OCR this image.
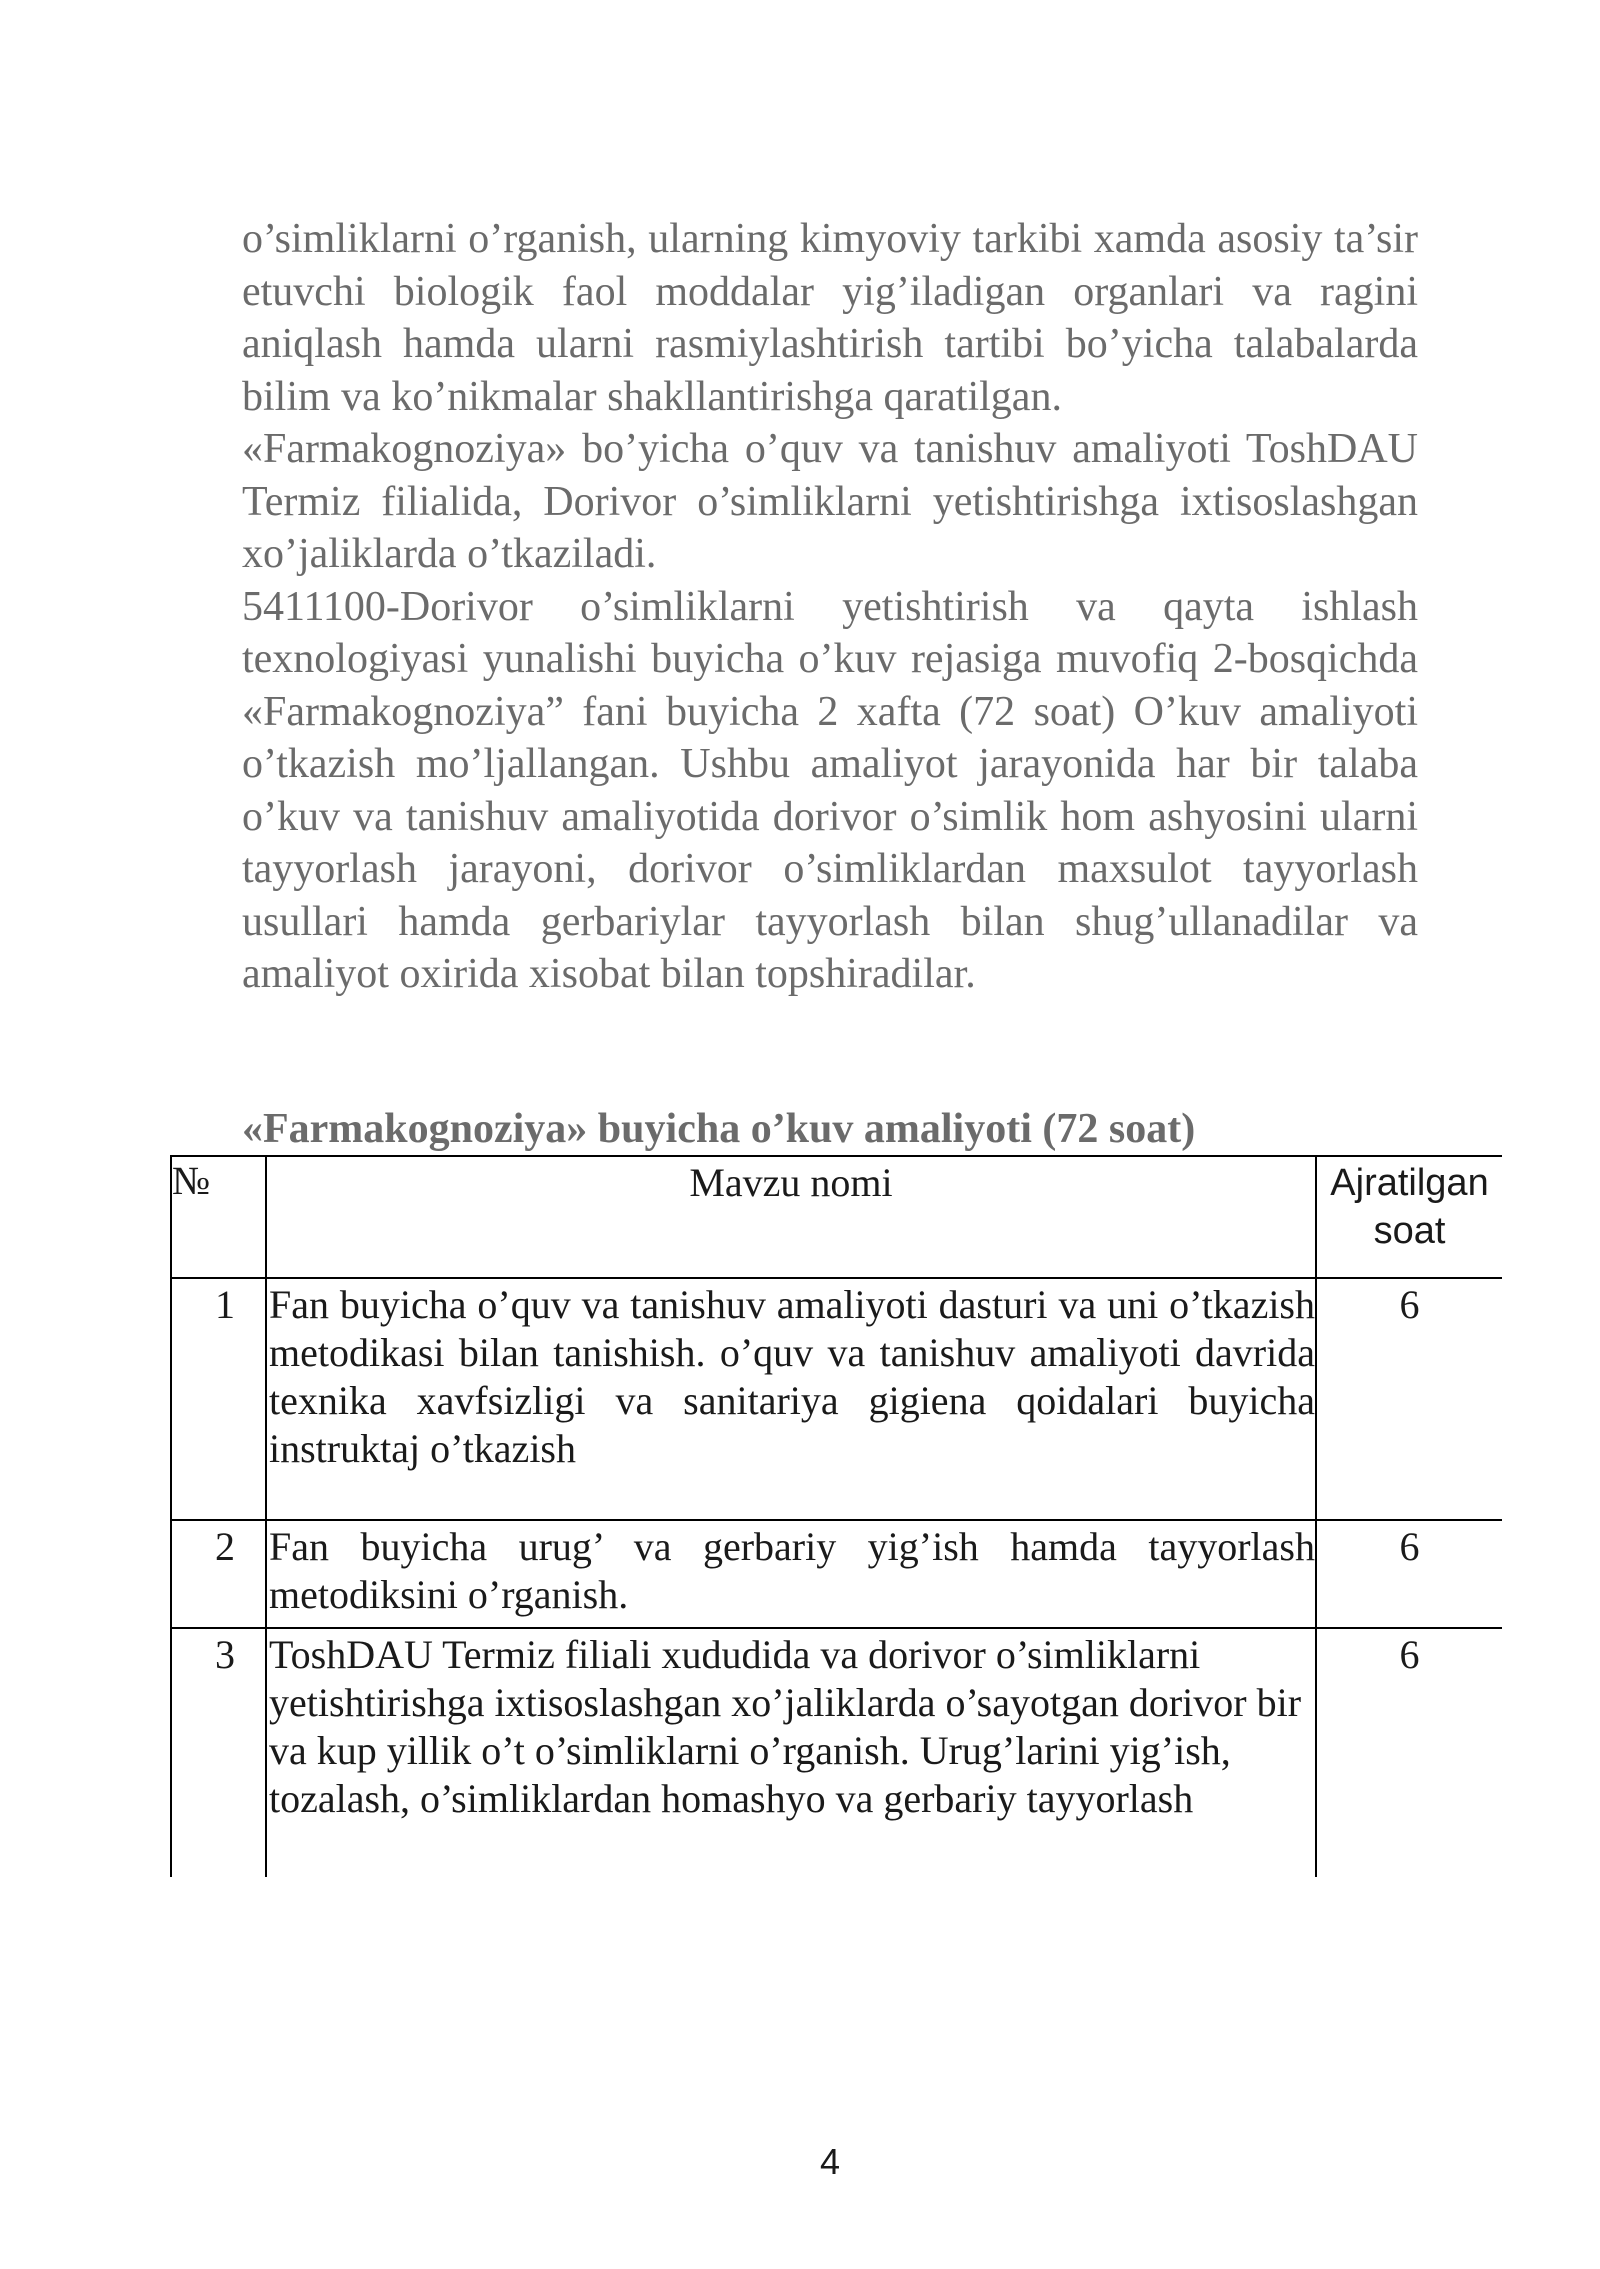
o’simliklarni o’rganish, ularning kimyoviy tarkibi xamda asosiy ta’sir etuvchi biologik faol moddalar yig’iladigan organlari va ragini aniqlash hamda ularni rasmiylashtirish tartibi bo’yicha talabalarda bilim va ko’nikmalar shakllantirishga qaratilgan.

«Farmakognoziya» bo’yicha o’quv va tanishuv amaliyoti ToshDAU Termiz filialida, Dorivor o’simliklarni yetishtirishga ixtisoslashgan xo’jaliklarda o’tkaziladi.

5411100-Dorivor o’simliklarni yetishtirish va qayta ishlash texnologiyasi yunalishi buyicha o’kuv rejasiga muvofiq 2-bosqichda «Farmakognoziya” fani buyicha 2 xafta (72 soat) O’kuv amaliyoti o’tkazish mo’ljallangan. Ushbu amaliyot jarayonida har bir talaba o’kuv va tanishuv amaliyotida dorivor o’simlik hom ashyosini ularni tayyorlash jarayoni, dorivor o’simliklardan maxsulot tayyorlash usullari hamda gerbariylar tayyorlash bilan shug’ullanadilar va amaliyot oxirida xisobat bilan topshiradilar.

«Farmakognoziya» buyicha o’kuv amaliyoti (72 soat)
№	Mavzu nomi	Ajratilgan soat
1	Fan buyicha o’quv va tanishuv amaliyoti dasturi va uni o’tkazish metodikasi bilan tanishish. o’quv va tanishuv amaliyoti davrida texnika xavfsizligi va sanitariya gigiena qoidalari buyicha instruktaj o’tkazish	6
2	Fan buyicha urug’ va gerbariy yig’ish hamda tayyorlash metodiksini o’rganish.	6
3	ToshDAU Termiz filiali xududida va dorivor o’simliklarni yetishtirishga ixtisoslashgan xo’jaliklarda o’sayotgan dorivor bir va kup yillik o’t o’simliklarni o’rganish. Urug’larini yig’ish, tozalash, o’simliklardan homashyo va gerbariy tayyorlash	6

4
